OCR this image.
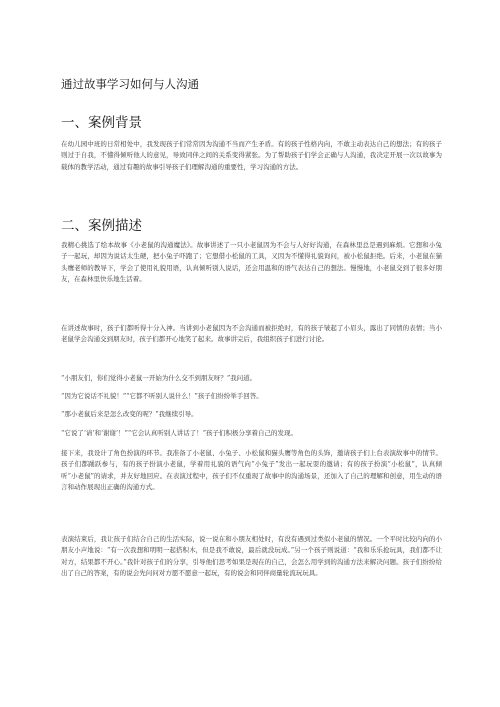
通过故事学习如何与人沟通
一、案例背景
在幼儿园中班的日常相处中，我发现孩子们常常因为沟通不当而产生矛盾。有的孩子性格内向，不敢主动表达自己的想法；有的孩子则过于自我，不懂得倾听他人的意见，导致同伴之间的关系变得紧张。为了帮助孩子们学会正确与人沟通，我决定开展一次以故事为载体的教学活动，通过有趣的故事引导孩子们理解沟通的重要性，学习沟通的方法。
二、案例描述
我精心挑选了绘本故事《小老鼠的沟通魔法》。故事讲述了一只小老鼠因为不会与人好好沟通，在森林里总是遇到麻烦。它想和小兔子一起玩，却因为说话太生硬，把小兔子吓跑了；它想借小松鼠的工具，又因为不懂得礼貌询问，被小松鼠拒绝。后来，小老鼠在猫头鹰老师的教导下，学会了使用礼貌用语，认真倾听别人说话，还会用温和的语气表达自己的想法。慢慢地，小老鼠交到了很多好朋友，在森林里快乐地生活着。
在讲述故事时，孩子们都听得十分入神。当讲到小老鼠因为不会沟通而被拒绝时，有的孩子皱起了小眉头，露出了同情的表情；当小老鼠学会沟通交到朋友时，孩子们都开心地笑了起来。故事讲完后，我组织孩子们进行讨论。
“小朋友们，你们觉得小老鼠一开始为什么交不到朋友呀？”我问道。
“因为它说话不礼貌！”“它都不听别人说什么！”孩子们纷纷举手回答。
“那小老鼠后来是怎么改变的呢？”我继续引导。
“它说了‘请’和‘谢谢’！”“它会认真听别人讲话了！”孩子们积极分享着自己的发现。
接下来，我设计了角色扮演的环节。我准备了小老鼠、小兔子、小松鼠和猫头鹰等角色的头饰，邀请孩子们上台表演故事中的情节。孩子们都踊跃参与，有的孩子扮演小老鼠，学着用礼貌的语气向“小兔子”发出一起玩耍的邀请；有的孩子扮演“小松鼠”，认真倾听“小老鼠”的请求，并友好地回应。在表演过程中，孩子们不仅重现了故事中的沟通场景，还加入了自己的理解和创意，用生动的语言和动作展现出正确的沟通方式。
表演结束后，我让孩子们结合自己的生活实际，说一说在和小朋友相处时，有没有遇到过类似小老鼠的情况。一个平时比较内向的小朋友小声地说：“有一次我想和明明一起搭积木，但是我不敢说，最后就没玩成。”另一个孩子则说道：“我和乐乐抢玩具，我们都不让对方，结果都不开心。”我针对孩子们的分享，引导他们思考如果是现在的自己，会怎么用学到的沟通方法来解决问题。孩子们纷纷给出了自己的答案，有的说会先问问对方愿不愿意一起玩，有的说会和同伴商量轮流玩玩具。
